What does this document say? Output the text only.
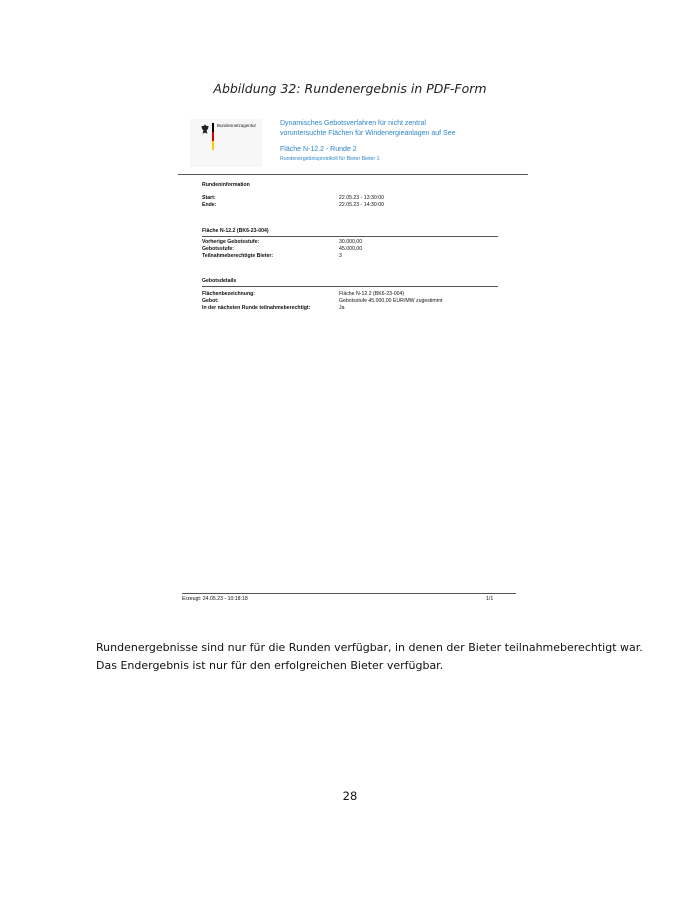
Abbildung 32: Rundenergebnis in PDF-Form
Bundesnetzagentur	Dynamisches Gebotsverfahren für nicht zentral
voruntersuchte Flächen für Windenergieanlagen auf See
Fläche N-12.2 - Runde 2
Rundenergebnisprotokoll für Bieter Bieter 1
Rundeninformation
Start:	22.05.23 - 13:30:00
Ende:	22.05.23 - 14:30:00
Fläche N-12.2 (BK6-23-004)
Vorherige Gebotsstufe:	30.000,00
Gebotsstufe:	45.000,00
Teilnahmeberechtigte Bieter:	3
Gebotsdetails
Flächenbezeichnung:	Fläche N-12.2 (BK6-23-004)
Gebot:	Gebotsstufe 45.000,00 EUR/MW zugestimmt
In der nächsten Runde teilnahmeberechtigt:	Ja
Erzeugt: 24.05.23 - 10:18:18	1/1
Rundenergebnisse sind nur für die Runden verfügbar, in denen der Bieter teilnahmeberechtigt war.
Das Endergebnis ist nur für den erfolgreichen Bieter verfügbar.
28
